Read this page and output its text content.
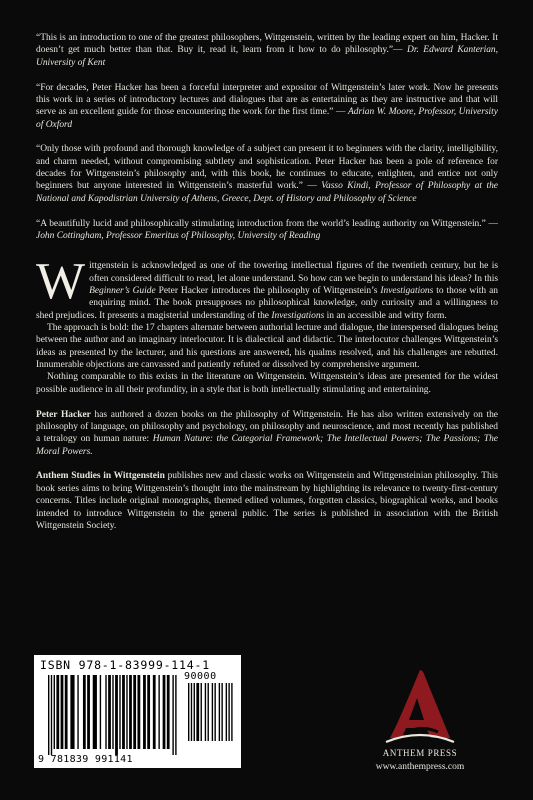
“This is an introduction to one of the greatest philosophers, Wittgenstein, written by the leading expert on him, Hacker. It doesn’t get much better than that. Buy it, read it, learn from it how to do philosophy.”— Dr. Edward Kanterian, University of Kent

“For decades, Peter Hacker has been a forceful interpreter and expositor of Wittgenstein’s later work. Now he presents this work in a series of introductory lectures and dialogues that are as entertaining as they are instructive and that will serve as an excellent guide for those encountering the work for the first time.” — Adrian W. Moore, Professor, University of Oxford

“Only those with profound and thorough knowledge of a subject can present it to beginners with the clarity, intelligibility, and charm needed, without compromising subtlety and sophistication. Peter Hacker has been a pole of reference for decades for Wittgenstein’s philosophy and, with this book, he continues to educate, enlighten, and entice not only beginners but anyone interested in Wittgenstein’s masterful work.” — Vasso Kindi, Professor of Philosophy at the National and Kapodistrian University of Athens, Greece, Dept. of History and Philosophy of Science

“A beautifully lucid and philosophically stimulating introduction from the world’s leading authority on Wittgenstein.” — John Cottingham, Professor Emeritus of Philosophy, University of Reading

Wittgenstein is acknowledged as one of the towering intellectual figures of the twentieth century, but he is often considered difficult to read, let alone understand. So how can we begin to understand his ideas? In this Beginner’s Guide Peter Hacker introduces the philosophy of Wittgenstein’s Investigations to those with an enquiring mind. The book presupposes no philosophical knowledge, only curiosity and a willingness to shed prejudices. It presents a magisterial understanding of the Investigations in an accessible and witty form.

The approach is bold: the 17 chapters alternate between authorial lecture and dialogue, the interspersed dialogues being between the author and an imaginary interlocutor. It is dialectical and didactic. The interlocutor challenges Wittgenstein’s ideas as presented by the lecturer, and his questions are answered, his qualms resolved, and his challenges are rebutted. Innumerable objections are canvassed and patiently refuted or dissolved by comprehensive argument.

Nothing comparable to this exists in the literature on Wittgenstein. Wittgenstein’s ideas are presented for the widest possible audience in all their profundity, in a style that is both intellectually stimulating and entertaining.

Peter Hacker has authored a dozen books on the philosophy of Wittgenstein. He has also written extensively on the philosophy of language, on philosophy and psychology, on philosophy and neuroscience, and most recently has published a tetralogy on human nature: Human Nature: the Categorial Framework; The Intellectual Powers; The Passions; The Moral Powers.

Anthem Studies in Wittgenstein publishes new and classic works on Wittgenstein and Wittgensteinian philosophy. This book series aims to bring Wittgenstein’s thought into the mainstream by highlighting its relevance to twenty-first-century concerns. Titles include original monographs, themed edited volumes, forgotten classics, biographical works, and books intended to introduce Wittgenstein to the general public. The series is published in association with the British Wittgenstein Society.

ISBN 978-1-83999-114-1
90000
9 781839 991141
ANTHEM PRESS
www.anthempress.com
